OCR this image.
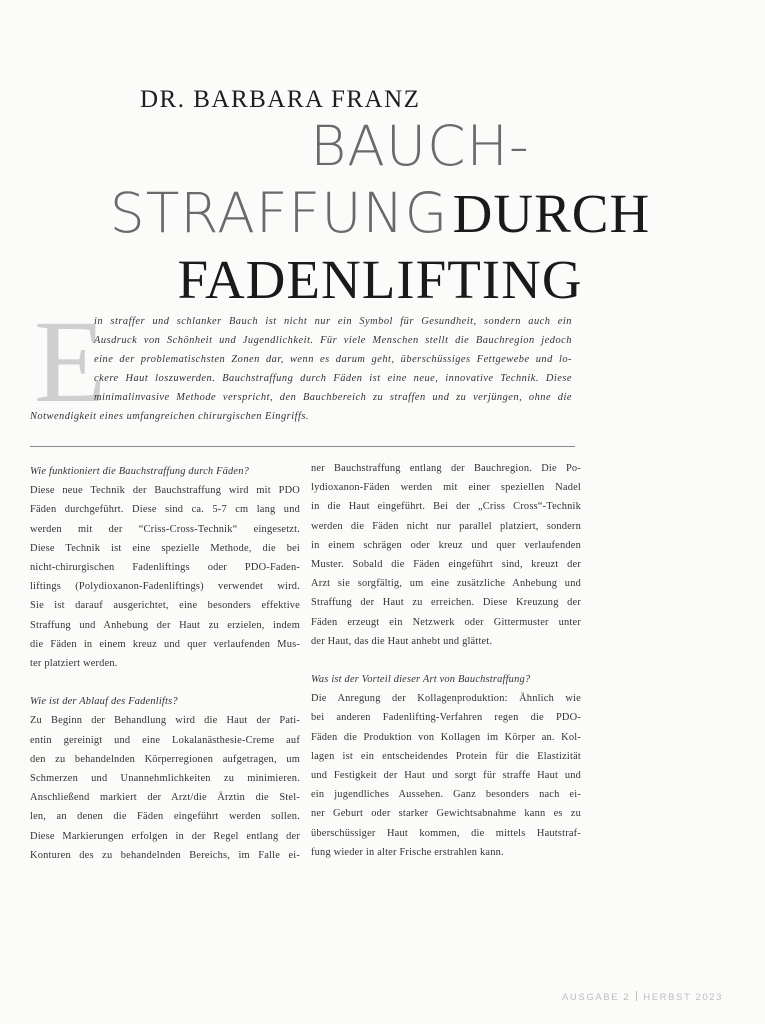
DR. BARBARA FRANZ
BAUCH-
STRAFFUNG DURCH
FADENLIFTING
E
in straffer und schlanker Bauch ist nicht nur ein Symbol für Gesundheit, sondern auch ein
Ausdruck von Schönheit und Jugendlichkeit. Für viele Menschen stellt die Bauchregion jedoch
eine der problematischsten Zonen dar, wenn es darum geht, überschüssiges Fettgewebe und lo-
ckere Haut loszuwerden. Bauchstraffung durch Fäden ist eine neue, innovative Technik. Diese
minimalinvasive Methode verspricht, den Bauchbereich zu straffen und zu verjüngen, ohne die
Notwendigkeit eines umfangreichen chirurgischen Eingriffs.
Wie funktioniert die Bauchstraffung durch Fäden?
Diese neue Technik der Bauchstraffung wird mit PDO
Fäden durchgeführt. Diese sind ca. 5-7 cm lang und
werden mit der “Criss-Cross-Technik“ eingesetzt.
Diese Technik ist eine spezielle Methode, die bei
nicht-chirurgischen Fadenliftings oder PDO-Faden-
liftings (Polydioxanon-Fadenliftings) verwendet wird.
Sie ist darauf ausgerichtet, eine besonders effektive
Straffung und Anhebung der Haut zu erzielen, indem
die Fäden in einem kreuz und quer verlaufenden Mus-
ter platziert werden.
Wie ist der Ablauf des Fadenlifts?
Zu Beginn der Behandlung wird die Haut der Pati-
entin gereinigt und eine Lokalanästhesie-Creme auf
den zu behandelnden Körperregionen aufgetragen, um
Schmerzen und Unannehmlichkeiten zu minimieren.
Anschließend markiert der Arzt/die Ärztin die Stel-
len, an denen die Fäden eingeführt werden sollen.
Diese Markierungen erfolgen in der Regel entlang der
Konturen des zu behandelnden Bereichs, im Falle ei-
ner Bauchstraffung entlang der Bauchregion. Die Po-
lydioxanon-Fäden werden mit einer speziellen Nadel
in die Haut eingeführt. Bei der „Criss Cross“-Technik
werden die Fäden nicht nur parallel platziert, sondern
in einem schrägen oder kreuz und quer verlaufenden
Muster. Sobald die Fäden eingeführt sind, kreuzt der
Arzt sie sorgfältig, um eine zusätzliche Anhebung und
Straffung der Haut zu erreichen. Diese Kreuzung der
Fäden erzeugt ein Netzwerk oder Gittermuster unter
der Haut, das die Haut anhebt und glättet.
Was ist der Vorteil dieser Art von Bauchstraffung?
Die Anregung der Kollagenproduktion: Ähnlich wie
bei anderen Fadenlifting-Verfahren regen die PDO-
Fäden die Produktion von Kollagen im Körper an. Kol-
lagen ist ein entscheidendes Protein für die Elastizität
und Festigkeit der Haut und sorgt für straffe Haut und
ein jugendliches Aussehen. Ganz besonders nach ei-
ner Geburt oder starker Gewichtsabnahme kann es zu
überschüssiger Haut kommen, die mittels Hautstraf-
fung wieder in alter Frische erstrahlen kann.
AUSGABE 2 HERBST 2023
